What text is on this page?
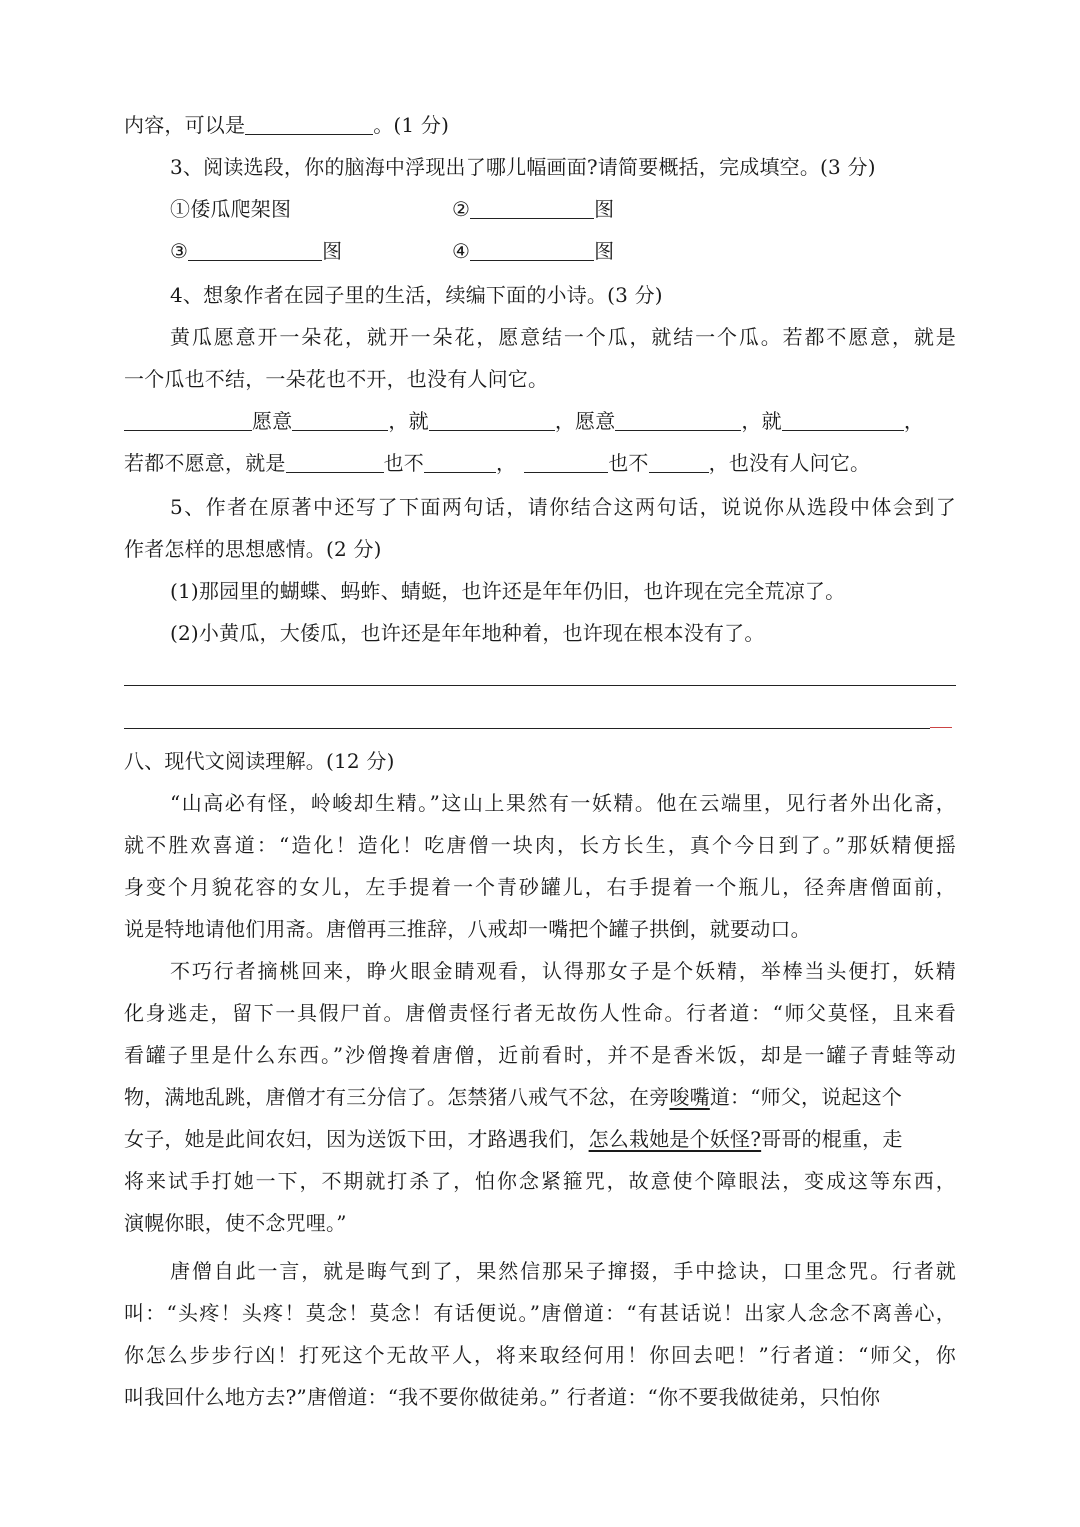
内容，可以是	。(1 分)
3、阅读选段，你的脑海中浮现出了哪儿幅画面?请简要概括，完成填空。(3 分)
①倭瓜爬架图	②	图
③	图	④	图
4、想象作者在园子里的生活，续编下面的小诗。(3 分)
黄瓜愿意开一朵花，就开一朵花，愿意结一个瓜，就结一个瓜。若都不愿意，就是
一个瓜也不结，一朵花也不开，也没有人问它。
愿意	，就	，愿意	，就	，
若都不愿意，就是	也不	，	也不	，也没有人问它。
5、作者在原著中还写了下面两句话，请你结合这两句话，说说你从选段中体会到了
作者怎样的思想感情。(2 分)
(1)那园里的蝴蝶、蚂蚱、蜻蜓，也许还是年年仍旧，也许现在完全荒凉了。
(2)小黄瓜，大倭瓜，也许还是年年地种着，也许现在根本没有了。
八、现代文阅读理解。(12 分)
“山高必有怪，岭峻却生精。”这山上果然有一妖精。他在云端里，见行者外出化斋，
就不胜欢喜道：“造化！造化！吃唐僧一块肉，长方长生，真个今日到了。”那妖精便摇
身变个月貌花容的女儿，左手提着一个青砂罐儿，右手提着一个瓶儿，径奔唐僧面前，
说是特地请他们用斋。唐僧再三推辞，八戒却一嘴把个罐子拱倒，就要动口。
不巧行者摘桃回来，睁火眼金睛观看，认得那女子是个妖精，举棒当头便打，妖精
化身逃走，留下一具假尸首。唐僧责怪行者无故伤人性命。行者道：“师父莫怪，且来看
看罐子里是什么东西。”沙僧搀着唐僧，近前看时，并不是香米饭，却是一罐子青蛙等动
物，满地乱跳，唐僧才有三分信了。怎禁猪八戒气不忿，在旁唆嘴道：“师父，说起这个
女子，她是此间农妇，因为送饭下田，才路遇我们，怎么栽她是个妖怪?哥哥的棍重，走
将来试手打她一下，不期就打杀了，怕你念紧箍咒，故意使个障眼法，变成这等东西，
演幌你眼，使不念咒哩。”
唐僧自此一言，就是晦气到了，果然信那呆子撺掇，手中捻诀，口里念咒。行者就
叫：“头疼！头疼！莫念！莫念！有话便说。”唐僧道：“有甚话说！出家人念念不离善心，
你怎么步步行凶！打死这个无故平人，将来取经何用！你回去吧！”行者道：“师父，你
叫我回什么地方去?”唐僧道：“我不要你做徒弟。” 行者道：“你不要我做徒弟，只怕你
